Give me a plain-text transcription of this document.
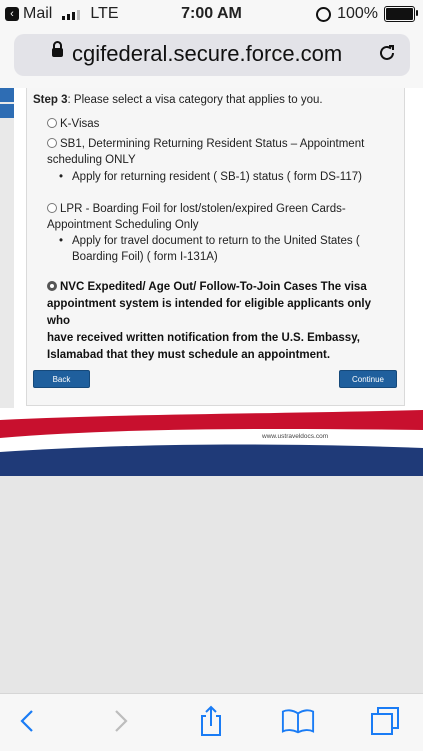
‹ Mail LTE	7:00 AM	100%
cgifederal.secure.force.com
Step 3: Please select a visa category that applies to you.
K-Visas
SB1, Determining Returning Resident Status – Appointment
scheduling ONLY
• Apply for returning resident ( SB-1) status ( form DS-117)
LPR - Boarding Foil for lost/stolen/expired Green Cards-
Appointment Scheduling Only
• Apply for travel document to return to the United States (
Boarding Foil) ( form I-131A)
NVC Expedited/ Age Out/ Follow-To-Join Cases The visa
appointment system is intended for eligible applicants only who
have received written notification from the U.S. Embassy,
Islamabad that they must schedule an appointment.
Back	Continue
www.ustraveldocs.com
